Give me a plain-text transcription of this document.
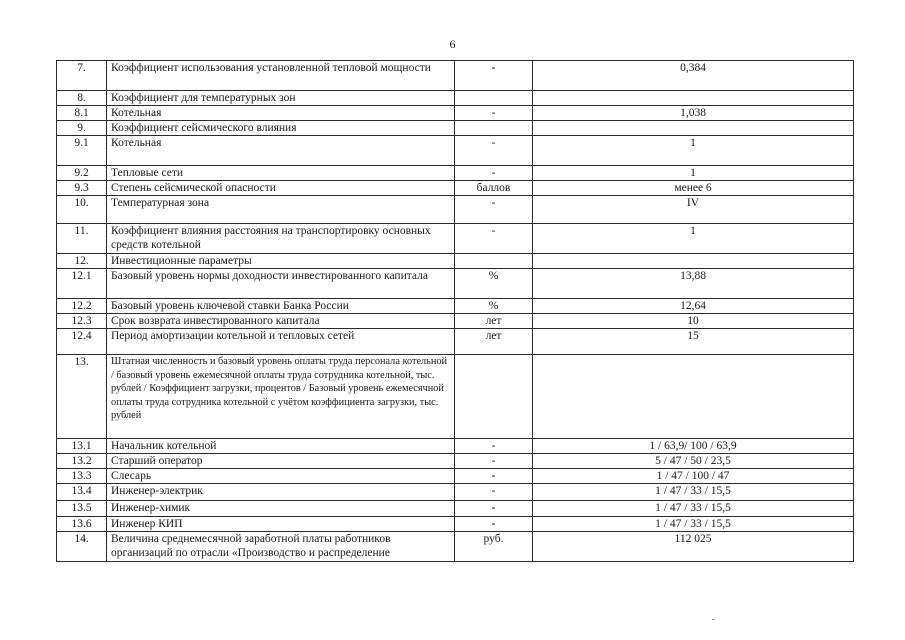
6
7.	Коэффициент использования установленной тепловой мощности	-	0,384
8.	Коэффициент для температурных зон		
8.1	Котельная	-	1,038
9.	Коэффициент сейсмического влияния		
9.1	Котельная	-	1
9.2	Тепловые сети	-	1
9.3	Степень сейсмической опасности	баллов	менее 6
10.	Температурная зона	-	IV
11.	Коэффициент влияния расстояния на транспортировку основных средств котельной	-	1
12.	Инвестиционные параметры		
12.1	Базовый уровень нормы доходности инвестированного капитала	%	13,88
12.2	Базовый уровень ключевой ставки Банка России	%	12,64
12.3	Срок возврата инвестированного капитала	лет	10
12.4	Период амортизации котельной и тепловых сетей	лет	15
13.	Штатная численность и базовый уровень оплаты труда персонала котельной / базовый уровень ежемесячной оплаты труда сотрудника котельной, тыс. рублей / Коэффициент загрузки, процентов / Базовый уровень ежемесячной оплаты труда сотрудника котельной с учётом коэффициента загрузки, тыс. рублей		
13.1	Начальник котельной	-	1 / 63,9/ 100 / 63,9
13.2	Старший оператор	-	5 / 47 / 50 / 23,5
13.3	Слесарь	-	1 / 47 / 100 / 47
13.4	Инженер-электрик	-	1 / 47 / 33 / 15,5
13.5	Инженер-химик	-	1 / 47 / 33 / 15,5
13.6	Инженер КИП	-	1 / 47 / 33 / 15,5
14.	Величина среднемесячной заработной платы работников организаций по отрасли «Производство и распределение	руб.	112 025
